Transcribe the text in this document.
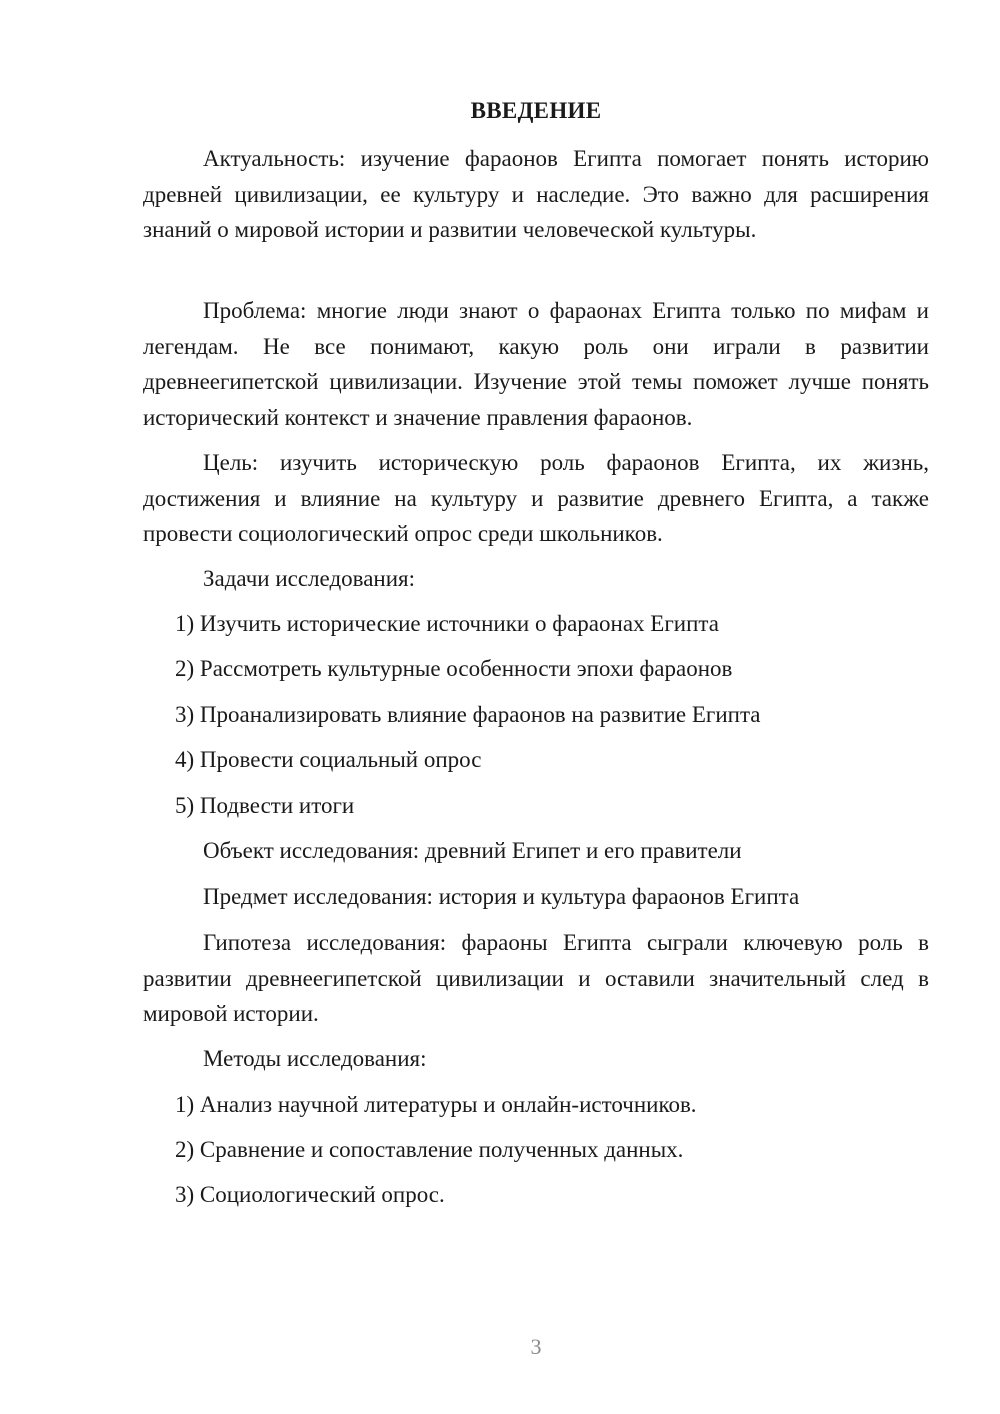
ВВЕДЕНИЕ

Актуальность: изучение фараонов Египта помогает понять историю древней цивилизации, ее культуру и наследие. Это важно для расширения знаний о мировой истории и развитии человеческой культуры.

Проблема: многие люди знают о фараонах Египта только по мифам и легендам. Не все понимают, какую роль они играли в развитии древнеегипетской цивилизации. Изучение этой темы поможет лучше понять исторический контекст и значение правления фараонов.

Цель: изучить историческую роль фараонов Египта, их жизнь, достижения и влияние на культуру и развитие древнего Египта, а также провести социологический опрос среди школьников.

Задачи исследования:

1) Изучить исторические источники о фараонах Египта

2) Рассмотреть культурные особенности эпохи фараонов

3) Проанализировать влияние фараонов на развитие Египта

4) Провести социальный опрос

5) Подвести итоги

Объект исследования: древний Египет и его правители

Предмет исследования: история и культура фараонов Египта

Гипотеза исследования: фараоны Египта сыграли ключевую роль в развитии древнеегипетской цивилизации и оставили значительный след в мировой истории.

Методы исследования:

1) Анализ научной литературы и онлайн-источников.

2) Сравнение и сопоставление полученных данных.

3) Социологический опрос.

3
